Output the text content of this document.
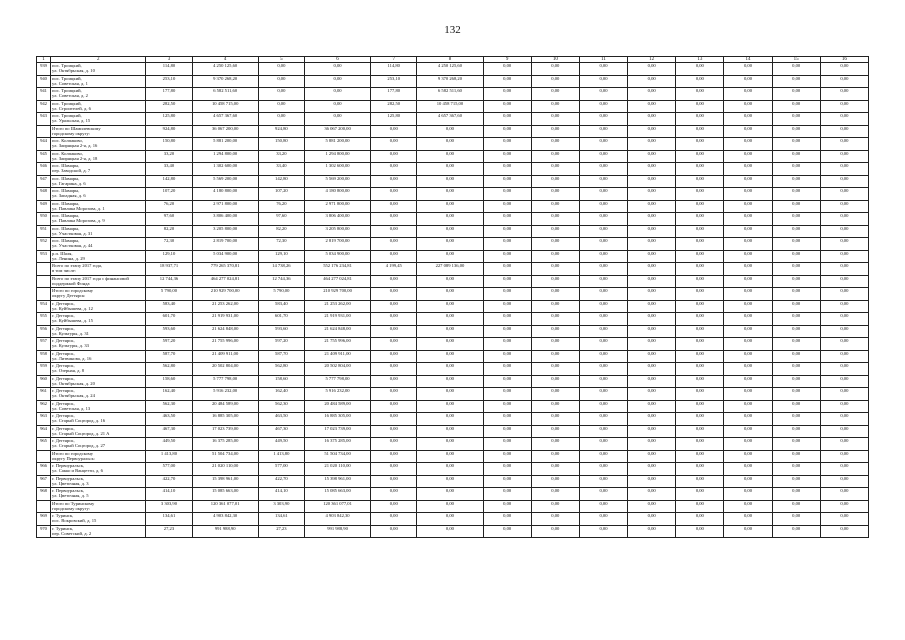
132
1	2	3	4	5	6	7	8	9	10	11	12	13	14	15	16
939	пос. Троицкий,
ул. Октябрьская, д. 10	114,80	4 250 125,60	0,00	0,00	114,80	4 250 125,60	0,00	0,00	0,00	0,00	0,00	0,00	0,00	0,00
940	пос. Троицкий,
ул. Советская, д. 1	253,10	9 370 268,20	0,00	0,00	253,10	9 370 268,20	0,00	0,00	0,00	0,00	0,00	0,00	0,00	0,00
941	пос. Троицкий,
ул. Советская, д. 2	177,80	6 582 511,60	0,00	0,00	177,80	6 582 511,60	0,00	0,00	0,00	0,00	0,00	0,00	0,00	0,00
942	пос. Троицкий,
ул. Строителей, д. 6	282,50	10 458 715,00	0,00	0,00	282,50	10 458 715,00	0,00	0,00	0,00	0,00	0,00	0,00	0,00	0,00
943	пос. Троицкий,
ул. Уральская, д. 15	125,80	4 657 367,60	0,00	0,00	125,80	4 657 367,60	0,00	0,00	0,00	0,00	0,00	0,00	0,00	0,00
	Итого по Шамилевскому
городскому округу:	924,80	36 067 200,00	924,80	36 067 200,00	0,00	0,00	0,00	0,00	0,00	0,00	0,00	0,00	0,00	0,00
944	пос. Колпаково,
ул. Заиряцкая 2-я, д. 16	150,80	5 881 200,00	150,80	5 881 200,00	0,00	0,00	0,00	0,00	0,00	0,00	0,00	0,00	0,00	0,00
945	пос. Колпаково,
ул. Заиряцкая 2-я, д. 18	33,20	1 294 800,00	33,20	1 294 800,00	0,00	0,00	0,00	0,00	0,00	0,00	0,00	0,00	0,00	0,00
946	пос. Шамары,
пер. Заводской, д. 7	33,40	1 302 600,00	33,40	1 302 600,00	0,00	0,00	0,00	0,00	0,00	0,00	0,00	0,00	0,00	0,00
947	пос. Шамары,
ул. Гагарина, д. 6	142,80	5 569 200,00	142,80	5 569 200,00	0,00	0,00	0,00	0,00	0,00	0,00	0,00	0,00	0,00	0,00
948	пос. Шамары,
ул. Западная, д. 6	107,20	4 180 800,00	107,20	4 180 800,00	0,00	0,00	0,00	0,00	0,00	0,00	0,00	0,00	0,00	0,00
949	пос. Шамары,
ул. Павлика Морозова, д. 1	76,20	2 971 800,00	76,20	2 971 800,00	0,00	0,00	0,00	0,00	0,00	0,00	0,00	0,00	0,00	0,00
950	пос. Шамары,
ул. Павлика Морозова, д. 9	97,60	3 806 400,00	97,60	3 806 400,00	0,00	0,00	0,00	0,00	0,00	0,00	0,00	0,00	0,00	0,00
951	пос. Шамары,
ул. Участковая, д. 31	82,20	3 205 800,00	82,20	3 205 800,00	0,00	0,00	0,00	0,00	0,00	0,00	0,00	0,00	0,00	0,00
952	пос. Шамары,
ул. Участковая, д. 44	72,30	2 819 700,00	72,30	2 819 700,00	0,00	0,00	0,00	0,00	0,00	0,00	0,00	0,00	0,00	0,00
953	р.п. Шаля,
ул. Ленина, д. 29	129,10	5 034 900,00	129,10	5 034 900,00	0,00	0,00	0,00	0,00	0,00	0,00	0,00	0,00	0,00	0,00
	Всего по этапу 2017 года,
в том числе:	18 937,71	779 265 370,81	14 738,26	552 176 234,81	4 199,45	227 089 136,00	0,00	0,00	0,00	0,00	0,00	0,00	0,00	0,00
	Всего по этапу 2017 года с финансовой
поддержкой Фонда	12 744,36	464 277 024,81	12 744,36	464 277 024,81	0,00	0,00	0,00	0,00	0,00	0,00	0,00	0,00	0,00	0,00
	Итого по городскому
округу Дегтярск:	5 790,00	210 929 700,00	5 790,00	210 929 700,00	0,00	0,00	0,00	0,00	0,00	0,00	0,00	0,00	0,00	0,00
954	г. Дегтярск,
ул. Куйбышева, д. 12	583,40	21 253 262,00	583,40	21 253 262,00	0,00	0,00	0,00	0,00	0,00	0,00	0,00	0,00	0,00	0,00
955	г. Дегтярск,
ул. Куйбышева, д. 15	601,70	21 919 931,00	601,70	21 919 931,00	0,00	0,00	0,00	0,00	0,00	0,00	0,00	0,00	0,00	0,00
956	г. Дегтярск,
ул. Культуры, д. 31	593,60	21 624 848,00	593,60	21 624 848,00	0,00	0,00	0,00	0,00	0,00	0,00	0,00	0,00	0,00	0,00
957	г. Дегтярск,
ул. Культуры, д. 33	597,20	21 755 996,00	597,20	21 755 996,00	0,00	0,00	0,00	0,00	0,00	0,00	0,00	0,00	0,00	0,00
958	г. Дегтярск,
ул. Литвинова, д. 16	587,70	21 409 911,00	587,70	21 409 911,00	0,00	0,00	0,00	0,00	0,00	0,00	0,00	0,00	0,00	0,00
959	г. Дегтярск,
ул. Озерная, д. 8	562,80	20 502 804,00	562,80	20 502 804,00	0,00	0,00	0,00	0,00	0,00	0,00	0,00	0,00	0,00	0,00
960	г. Дегтярск,
ул. Октябрьская, д. 20	158,60	5 777 798,00	158,60	5 777 798,00	0,00	0,00	0,00	0,00	0,00	0,00	0,00	0,00	0,00	0,00
961	г. Дегтярск,
ул. Октябрьская, д. 24	162,40	5 916 232,00	162,40	5 916 232,00	0,00	0,00	0,00	0,00	0,00	0,00	0,00	0,00	0,00	0,00
962	г. Дегтярск,
ул. Советская, д. 13	562,30	20 484 589,00	562,30	20 484 589,00	0,00	0,00	0,00	0,00	0,00	0,00	0,00	0,00	0,00	0,00
963	г. Дегтярск,
ул. Старый Соцгород, д. 16	463,50	16 885 305,00	463,50	16 885 305,00	0,00	0,00	0,00	0,00	0,00	0,00	0,00	0,00	0,00	0,00
964	г. Дегтярск,
ул. Старый Соцгород, д. 21 А	467,30	17 023 739,00	467,30	17 023 739,00	0,00	0,00	0,00	0,00	0,00	0,00	0,00	0,00	0,00	0,00
965	г. Дегтярск,
ул. Старый Соцгород, д. 27	449,50	16 375 285,00	449,50	16 375 285,00	0,00	0,00	0,00	0,00	0,00	0,00	0,00	0,00	0,00	0,00
	Итого по городскому
округу Первоуральск:	1 413,80	51 504 734,00	1 413,80	51 504 734,00	0,00	0,00	0,00	0,00	0,00	0,00	0,00	0,00	0,00	0,00
966	г. Первоуральск,
ул. Сакко и Ванцетти, д. 6	577,00	21 020 110,00	577,00	21 020 110,00	0,00	0,00	0,00	0,00	0,00	0,00	0,00	0,00	0,00	0,00
967	г. Первоуральск,
ул. Цветочная, д. 3	422,70	15 398 961,00	422,70	15 398 961,00	0,00	0,00	0,00	0,00	0,00	0,00	0,00	0,00	0,00	0,00
968	г. Первоуральск,
ул. Цветочная, д. 5	414,10	15 085 663,00	414,10	15 085 663,00	0,00	0,00	0,00	0,00	0,00	0,00	0,00	0,00	0,00	0,00
	Итого по Туринскому
городскому округу:	3 303,90	120 361 077,01	3 303,90	120 361 077,01	0,00	0,00	0,00	0,00	0,00	0,00	0,00	0,00	0,00	0,00
969	г. Туринск,
пос. Вокровский, д. 15	134,61	4 903 842,30	134,61	4 903 842,30	0,00	0,00	0,00	0,00	0,00	0,00	0,00	0,00	0,00	0,00
970	г. Туринск,
пер. Советский, д. 2	27,23	991 988,90	27,23	991 988,90	0,00	0,00	0,00	0,00	0,00	0,00	0,00	0,00	0,00	0,00
